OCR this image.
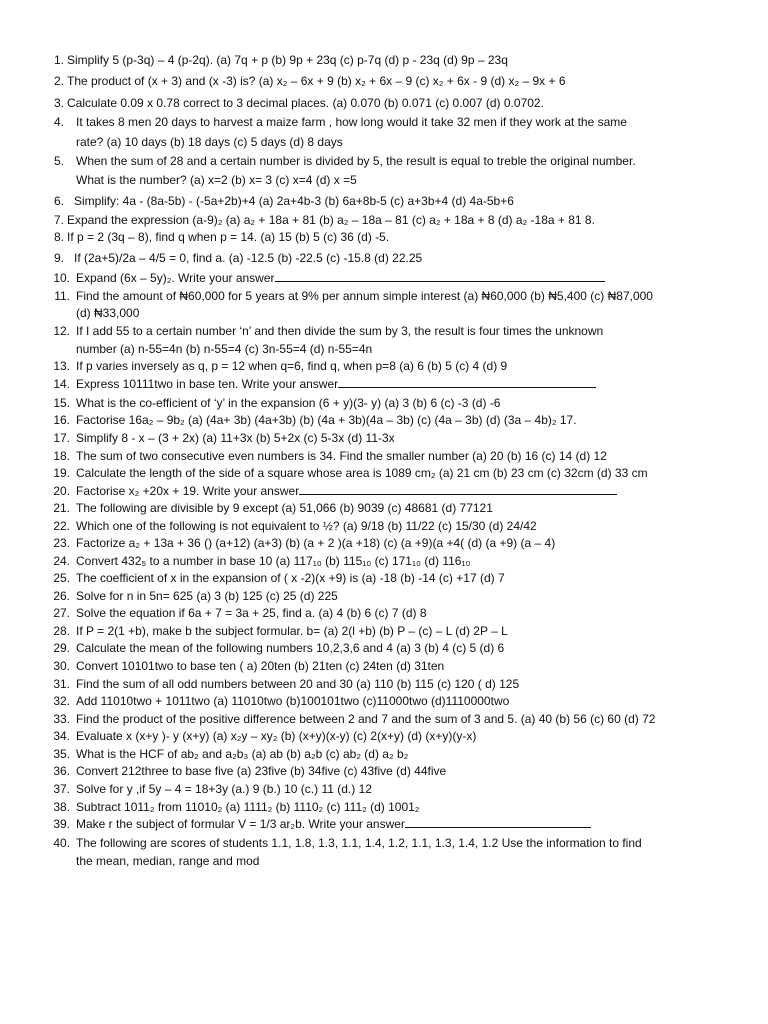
1. Simplify 5 (p-3q) – 4 (p-2q). (a) 7q + p (b) 9p + 23q (c) p-7q (d) p - 23q (d) 9p – 23q
2. The product of (x + 3) and (x -3) is? (a) x₂ – 6x + 9 (b) x₂ + 6x – 9 (c) x₂ + 6x - 9 (d) x₂ – 9x + 6
3. Calculate 0.09 x 0.78 correct to 3 decimal places. (a) 0.070 (b) 0.071 (c) 0.007 (d) 0.0702.
4. It takes 8 men 20 days to harvest a maize farm , how long would it take 32 men if they work at the same
rate? (a) 10 days (b) 18 days (c) 5 days (d) 8 days
5. When the sum of 28 and a certain number is divided by 5, the result is equal to treble the original number.
What is the number? (a) x=2 (b) x= 3 (c) x=4 (d) x =5
6. Simplify: 4a - (8a-5b) - (-5a+2b)+4 (a) 2a+4b-3 (b) 6a+8b-5 (c) a+3b+4 (d) 4a-5b+6
7. Expand the expression (a-9)₂ (a) a₂ + 18a + 81 (b) a₂ – 18a – 81 (c) a₂ + 18a + 8 (d) a₂ -18a + 81 8.
8. If p = 2 (3q – 8), find q when p = 14. (a) 15 (b) 5 (c) 36 (d) -5.
9. If (2a+5)/2a – 4/5 = 0, find a. (a) -12.5 (b) -22.5 (c) -15.8 (d) 22.25
10. Expand (6x – 5y)₂. Write your answer
11. Find the amount of ₦60,000 for 5 years at 9% per annum simple interest (a) ₦60,000 (b) ₦5,400 (c) ₦87,000
(d) ₦33,000
12. If I add 55 to a certain number ‘n’ and then divide the sum by 3, the result is four times the unknown
number (a) n-55=4n (b) n-55=4 (c) 3n-55=4 (d) n-55=4n
13. If p varies inversely as q, p = 12 when q=6, find q, when p=8 (a) 6 (b) 5 (c) 4 (d) 9
14. Express 10111two in base ten. Write your answer
15. What is the co-efficient of ‘y’ in the expansion (6 + y)(3- y) (a) 3 (b) 6 (c) -3 (d) -6
16. Factorise 16a₂ – 9b₂ (a) (4a+ 3b) (4a+3b) (b) (4a + 3b)(4a – 3b) (c) (4a – 3b) (d) (3a – 4b)₂ 17.
17. Simplify 8 - x – (3 + 2x) (a) 11+3x (b) 5+2x (c) 5-3x (d) 11-3x
18. The sum of two consecutive even numbers is 34. Find the smaller number (a) 20 (b) 16 (c) 14 (d) 12
19. Calculate the length of the side of a square whose area is 1089 cm₂ (a) 21 cm (b) 23 cm (c) 32cm (d) 33 cm
20. Factorise x₂ +20x + 19. Write your answer
21. The following are divisible by 9 except (a) 51,066 (b) 9039 (c) 48681 (d) 77121
22. Which one of the following is not equivalent to ½? (a) 9/18 (b) 11/22 (c) 15/30 (d) 24/42
23. Factorize a₂ + 13a + 36 () (a+12) (a+3) (b) (a + 2 )(a +18) (c) (a +9)(a +4( (d) (a +9) (a – 4)
24. Convert 432₅ to a number in base 10 (a) 117₁₀ (b) 115₁₀ (c) 171₁₀ (d) 116₁₀
25. The coefficient of x in the expansion of ( x -2)(x +9) is (a) -18 (b) -14 (c) +17 (d) 7
26. Solve for n in 5n= 625 (a) 3 (b) 125 (c) 25 (d) 225
27. Solve the equation if 6a + 7 = 3a + 25, find a. (a) 4 (b) 6 (c) 7 (d) 8
28. If P = 2(1 +b), make b the subject formular. b= (a) 2(l +b) (b) P – (c) – L (d) 2P – L
29. Calculate the mean of the following numbers 10,2,3,6 and 4 (a) 3 (b) 4 (c) 5 (d) 6
30. Convert 10101two to base ten ( a) 20ten (b) 21ten (c) 24ten (d) 31ten
31. Find the sum of all odd numbers between 20 and 30 (a) 110 (b) 115 (c) 120 ( d) 125
32. Add 11010two + 1011two (a) 11010two (b)100101two (c)11000two (d)1110000two
33. Find the product of the positive difference between 2 and 7 and the sum of 3 and 5. (a) 40 (b) 56 (c) 60 (d) 72
34. Evaluate x (x+y )- y (x+y) (a) x₂y – xy₂ (b) (x+y)(x-y) (c) 2(x+y) (d) (x+y)(y-x)
35. What is the HCF of ab₂ and a₂b₃ (a) ab (b) a₂b (c) ab₂ (d) a₂ b₂
36. Convert 212three to base five (a) 23five (b) 34five (c) 43five (d) 44five
37. Solve for y ,if 5y – 4 = 18+3y (a.) 9 (b.) 10 (c.) 11 (d.) 12
38. Subtract 1011₂ from 11010₂ (a) 1111₂ (b) 1110₂ (c) 111₂ (d) 1001₂
39. Make r the subject of formular V = 1/3 ar₂b. Write your answer
40. The following are scores of students 1.1, 1.8, 1.3, 1.1, 1.4, 1.2, 1.1, 1.3, 1.4, 1.2 Use the information to find
the mean, median, range and mod
